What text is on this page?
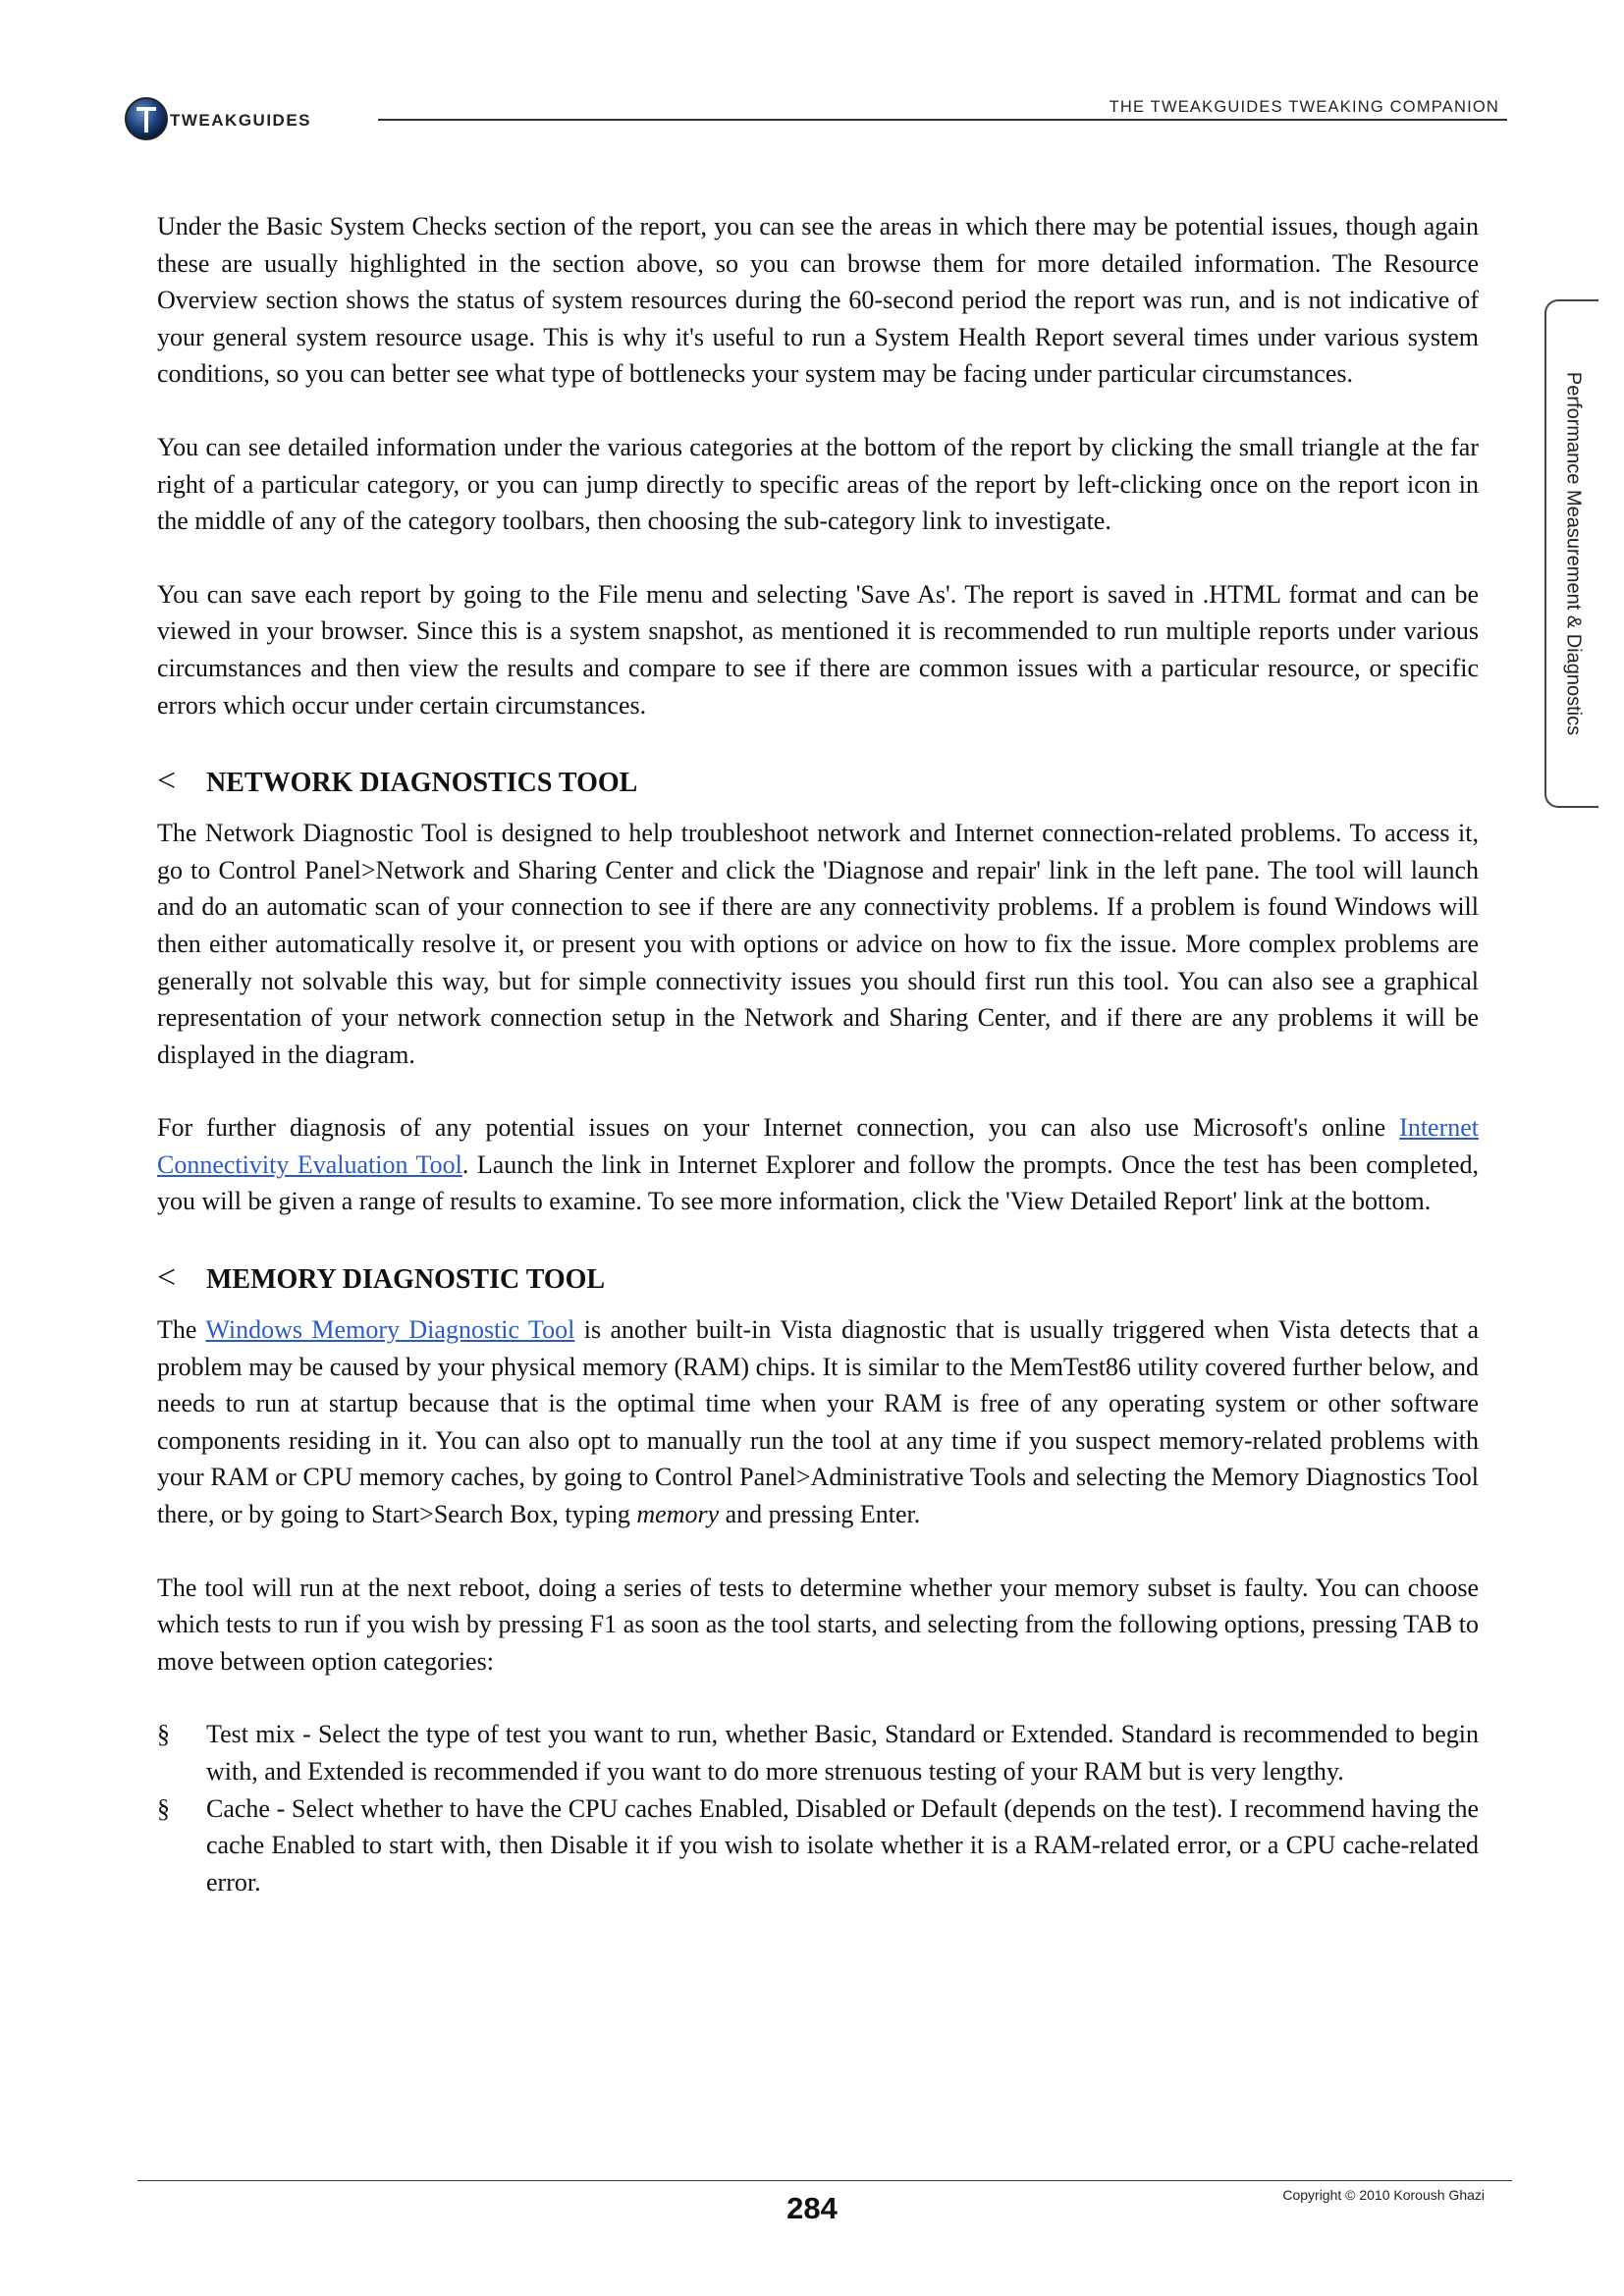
TWEAKGUIDES
THE TWEAKGUIDES TWEAKING COMPANION
Performance Measurement & Diagnostics

Under the Basic System Checks section of the report, you can see the areas in which there may be potential issues, though again these are usually highlighted in the section above, so you can browse them for more detailed information. The Resource Overview section shows the status of system resources during the 60-second period the report was run, and is not indicative of your general system resource usage. This is why it's useful to run a System Health Report several times under various system conditions, so you can better see what type of bottlenecks your system may be facing under particular circumstances.

You can see detailed information under the various categories at the bottom of the report by clicking the small triangle at the far right of a particular category, or you can jump directly to specific areas of the report by left-clicking once on the report icon in the middle of any of the category toolbars, then choosing the sub-category link to investigate.

You can save each report by going to the File menu and selecting 'Save As'. The report is saved in .HTML format and can be viewed in your browser. Since this is a system snapshot, as mentioned it is recommended to run multiple reports under various circumstances and then view the results and compare to see if there are common issues with a particular resource, or specific errors which occur under certain circumstances.

< NETWORK DIAGNOSTICS TOOL

The Network Diagnostic Tool is designed to help troubleshoot network and Internet connection-related problems. To access it, go to Control Panel>Network and Sharing Center and click the 'Diagnose and repair' link in the left pane. The tool will launch and do an automatic scan of your connection to see if there are any connectivity problems. If a problem is found Windows will then either automatically resolve it, or present you with options or advice on how to fix the issue. More complex problems are generally not solvable this way, but for simple connectivity issues you should first run this tool. You can also see a graphical representation of your network connection setup in the Network and Sharing Center, and if there are any problems it will be displayed in the diagram.

For further diagnosis of any potential issues on your Internet connection, you can also use Microsoft's online Internet Connectivity Evaluation Tool. Launch the link in Internet Explorer and follow the prompts. Once the test has been completed, you will be given a range of results to examine. To see more information, click the 'View Detailed Report' link at the bottom.

< MEMORY DIAGNOSTIC TOOL

The Windows Memory Diagnostic Tool is another built-in Vista diagnostic that is usually triggered when Vista detects that a problem may be caused by your physical memory (RAM) chips. It is similar to the MemTest86 utility covered further below, and needs to run at startup because that is the optimal time when your RAM is free of any operating system or other software components residing in it. You can also opt to manually run the tool at any time if you suspect memory-related problems with your RAM or CPU memory caches, by going to Control Panel>Administrative Tools and selecting the Memory Diagnostics Tool there, or by going to Start>Search Box, typing memory and pressing Enter.

The tool will run at the next reboot, doing a series of tests to determine whether your memory subset is faulty. You can choose which tests to run if you wish by pressing F1 as soon as the tool starts, and selecting from the following options, pressing TAB to move between option categories:

§ Test mix - Select the type of test you want to run, whether Basic, Standard or Extended. Standard is recommended to begin with, and Extended is recommended if you want to do more strenuous testing of your RAM but is very lengthy.
§ Cache - Select whether to have the CPU caches Enabled, Disabled or Default (depends on the test). I recommend having the cache Enabled to start with, then Disable it if you wish to isolate whether it is a RAM-related error, or a CPU cache-related error.
Copyright © 2010 Koroush Ghazi
284
